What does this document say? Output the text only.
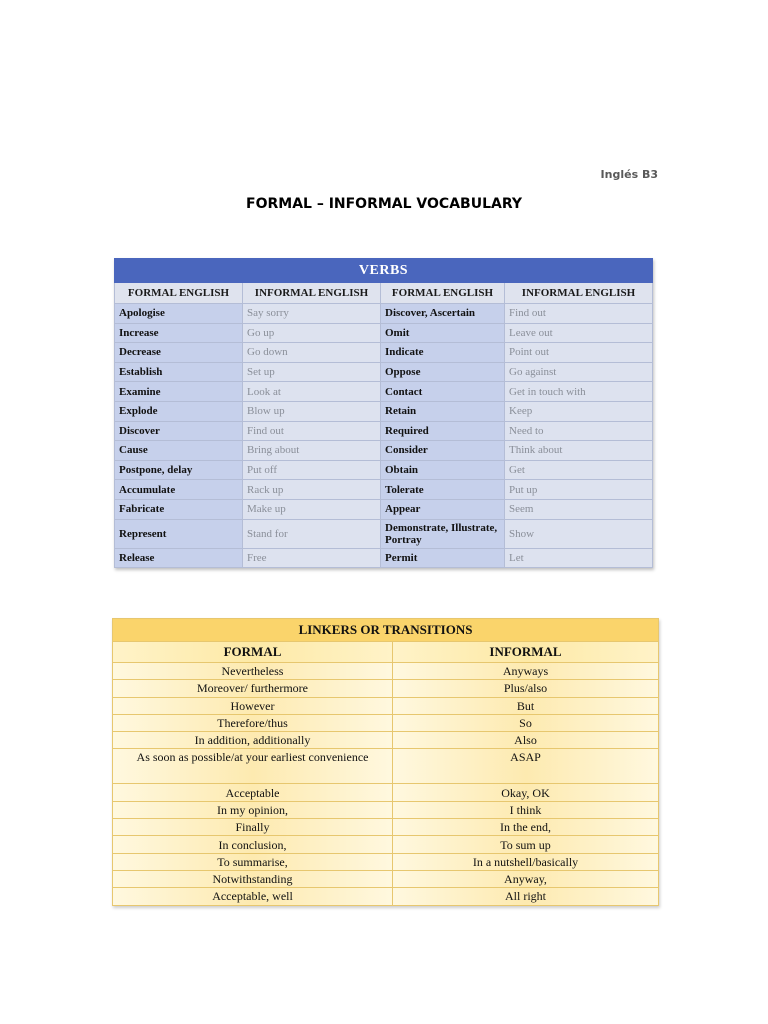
Inglés B3
FORMAL – INFORMAL VOCABULARY
VERBS			
FORMAL ENGLISH	INFORMAL ENGLISH	FORMAL ENGLISH	INFORMAL ENGLISH
Apologise	Say sorry	Discover, Ascertain	Find out
Increase	Go up	Omit	Leave out
Decrease	Go down	Indicate	Point out
Establish	Set up	Oppose	Go against
Examine	Look at	Contact	Get in touch with
Explode	Blow up	Retain	Keep
Discover	Find out	Required	Need to
Cause	Bring about	Consider	Think about
Postpone, delay	Put off	Obtain	Get
Accumulate	Rack up	Tolerate	Put up
Fabricate	Make up	Appear	Seem
Represent	Stand for	Demonstrate, Illustrate, Portray	Show
Release	Free	Permit	Let
LINKERS OR TRANSITIONS	
FORMAL	INFORMAL
Nevertheless	Anyways
Moreover/ furthermore	Plus/also
However	But
Therefore/thus	So
In addition, additionally	Also
As soon as possible/at your earliest convenience	ASAP
Acceptable	Okay, OK
In my opinion,	I think
Finally	In the end,
In conclusion,	To sum up
To summarise,	In a nutshell/basically
Notwithstanding	Anyway,
Acceptable, well	All right
